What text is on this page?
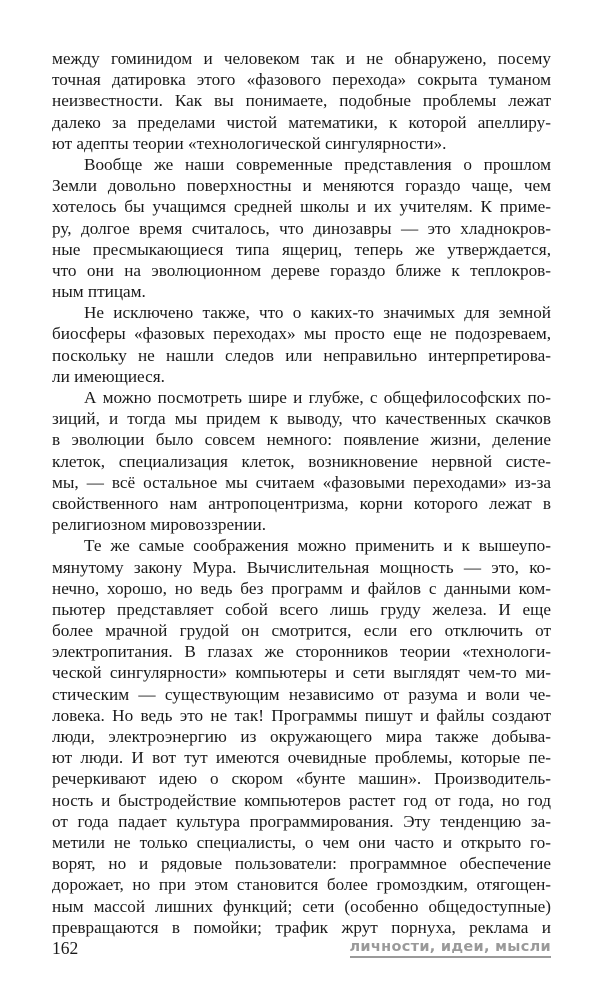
между гоминидом и человеком так и не обнаружено, посему
точная датировка этого «фазового перехода» сокрыта туманом
неизвестности. Как вы понимаете, подобные проблемы лежат
далеко за пределами чистой математики, к которой апеллиру-
ют адепты теории «технологической сингулярности».
Вообще же наши современные представления о прошлом
Земли довольно поверхностны и меняются гораздо чаще, чем
хотелось бы учащимся средней школы и их учителям. К приме-
ру, долгое время считалось, что динозавры — это хладнокров-
ные пресмыкающиеся типа ящериц, теперь же утверждается,
что они на эволюционном дереве гораздо ближе к теплокров-
ным птицам.
Не исключено также, что о каких-то значимых для земной
биосферы «фазовых переходах» мы просто еще не подозреваем,
поскольку не нашли следов или неправильно интерпретирова-
ли имеющиеся.
А можно посмотреть шире и глубже, с общефилософских по-
зиций, и тогда мы придем к выводу, что качественных скачков
в эволюции было совсем немного: появление жизни, деление
клеток, специализация клеток, возникновение нервной систе-
мы, — всё остальное мы считаем «фазовыми переходами» из-за
свойственного нам антропоцентризма, корни которого лежат в
религиозном мировоззрении.
Те же самые соображения можно применить и к вышеупо-
мянутому закону Мура. Вычислительная мощность — это, ко-
нечно, хорошо, но ведь без программ и файлов с данными ком-
пьютер представляет собой всего лишь груду железа. И еще
более мрачной грудой он смотрится, если его отключить от
электропитания. В глазах же сторонников теории «технологи-
ческой сингулярности» компьютеры и сети выглядят чем-то ми-
стическим — существующим независимо от разума и воли че-
ловека. Но ведь это не так! Программы пишут и файлы создают
люди, электроэнергию из окружающего мира также добыва-
ют люди. И вот тут имеются очевидные проблемы, которые пе-
речеркивают идею о скором «бунте машин». Производитель-
ность и быстродействие компьютеров растет год от года, но год
от года падает культура программирования. Эту тенденцию за-
метили не только специалисты, о чем они часто и открыто го-
ворят, но и рядовые пользователи: программное обеспечение
дорожает, но при этом становится более громоздким, отягощен-
ным массой лишних функций; сети (особенно общедоступные)
превращаются в помойки; трафик жрут порнуха, реклама и
162	личности, идеи, мысли
